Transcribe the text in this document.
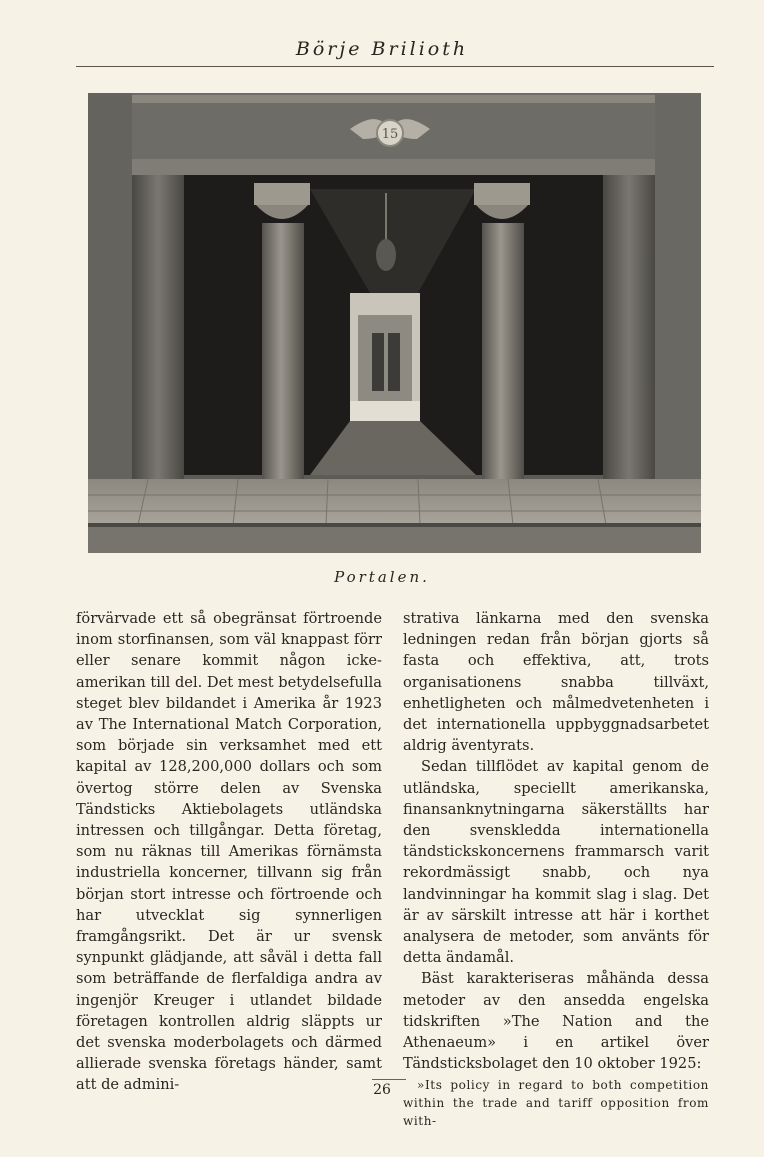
Börje Brilioth
15
Portalen.

förvärvade ett så obegränsat förtroende inom storfinansen, som väl knappast förr eller senare kommit någon icke-amerikan till del. Det mest betydelsefulla steget blev bildandet i Amerika år 1923 av The International Match Corporation, som började sin verksamhet med ett kapital av 128,200,000 dollars och som övertog större delen av Svenska Tändsticks Aktiebolagets utländska intressen och tillgångar. Detta företag, som nu räknas till Amerikas förnämsta industriella koncerner, tillvann sig från början stort intresse och förtroende och har utvecklat sig synnerligen framgångsrikt. Det är ur svensk synpunkt glädjande, att såväl i detta fall som beträffande de flerfaldiga andra av ingenjör Kreuger i utlandet bildade företagen kontrollen aldrig släppts ur det svenska moderbolagets och därmed allierade svenska företags händer, samt att de admini-

strativa länkarna med den svenska ledningen redan från början gjorts så fasta och effektiva, att, trots organisationens snabba tillväxt, enhetligheten och målmedvetenheten i det internationella uppbyggnadsarbetet aldrig äventyrats.

Sedan tillflödet av kapital genom de utländska, speciellt amerikanska, finansanknytningarna säkerställts har den svenskledda internationella tändstickskoncernens frammarsch varit rekordmässigt snabb, och nya landvinningar ha kommit slag i slag. Det är av särskilt intresse att här i korthet analysera de metoder, som använts för detta ändamål.

Bäst karakteriseras måhända dessa metoder av den ansedda engelska tidskriften »The Nation and the Athenaeum» i en artikel över Tändsticksbolaget den 10 oktober 1925:

»Its policy in regard to both competition within the trade and tariff opposition from with-

26
